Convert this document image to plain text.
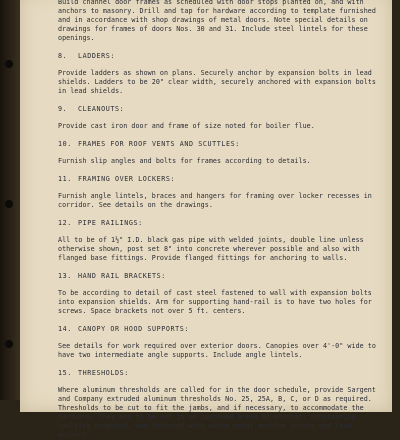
Build channel door frames as scheduled with door stops planted on, and with anchors to masonry. Drill and tap for hardware according to template furnished and in accordance with shop drawings of metal doors. Note special details on drawings for frames of doors Nos. 30 and 31. Include steel lintels for these openings.

8. LADDERS:

Provide ladders as shown on plans. Securely anchor by expansion bolts in lead shields. Ladders to be 20" clear width, securely anchored with expansion bolts in lead shields.

9. CLEANOUTS:

Provide cast iron door and frame of size noted for boiler flue.

10. FRAMES FOR ROOF VENTS AND SCUTTLES:

Furnish slip angles and bolts for frames according to details.

11. FRAMING OVER LOCKERS:

Furnish angle lintels, braces and hangers for framing over locker recesses in corridor. See details on the drawings.

12. PIPE RAILINGS:

All to be of 1½" I.D. black gas pipe with welded joints, double line unless otherwise shown, post set 8" into concrete wherever possible and also with flanged base fittings. Provide flanged fittings for anchoring to walls.

13. HAND RAIL BRACKETS:

To be according to detail of cast steel fastened to wall with expansion bolts into expansion shields. Arm for supporting hand-rail is to have two holes for screws. Space brackets not over 5 ft. centers.

14. CANOPY OR HOOD SUPPORTS:

See details for work required over exterior doors. Canopies over 4'-0" wide to have two intermediate angle supports. Include angle lintels.

15. THRESHOLDS:

Where aluminum thresholds are called for in the door schedule, provide Sargent and Company extruded aluminum thresholds No. 25, 25A, B, C, or D as required. Thresholds to be cut to fit the jambs, and if necessary, to accommodate the hardware. They are to be set in an approved brand of elastic, nonstaining caulking compound, and fastened with white metal machine screws and lead anchors.
